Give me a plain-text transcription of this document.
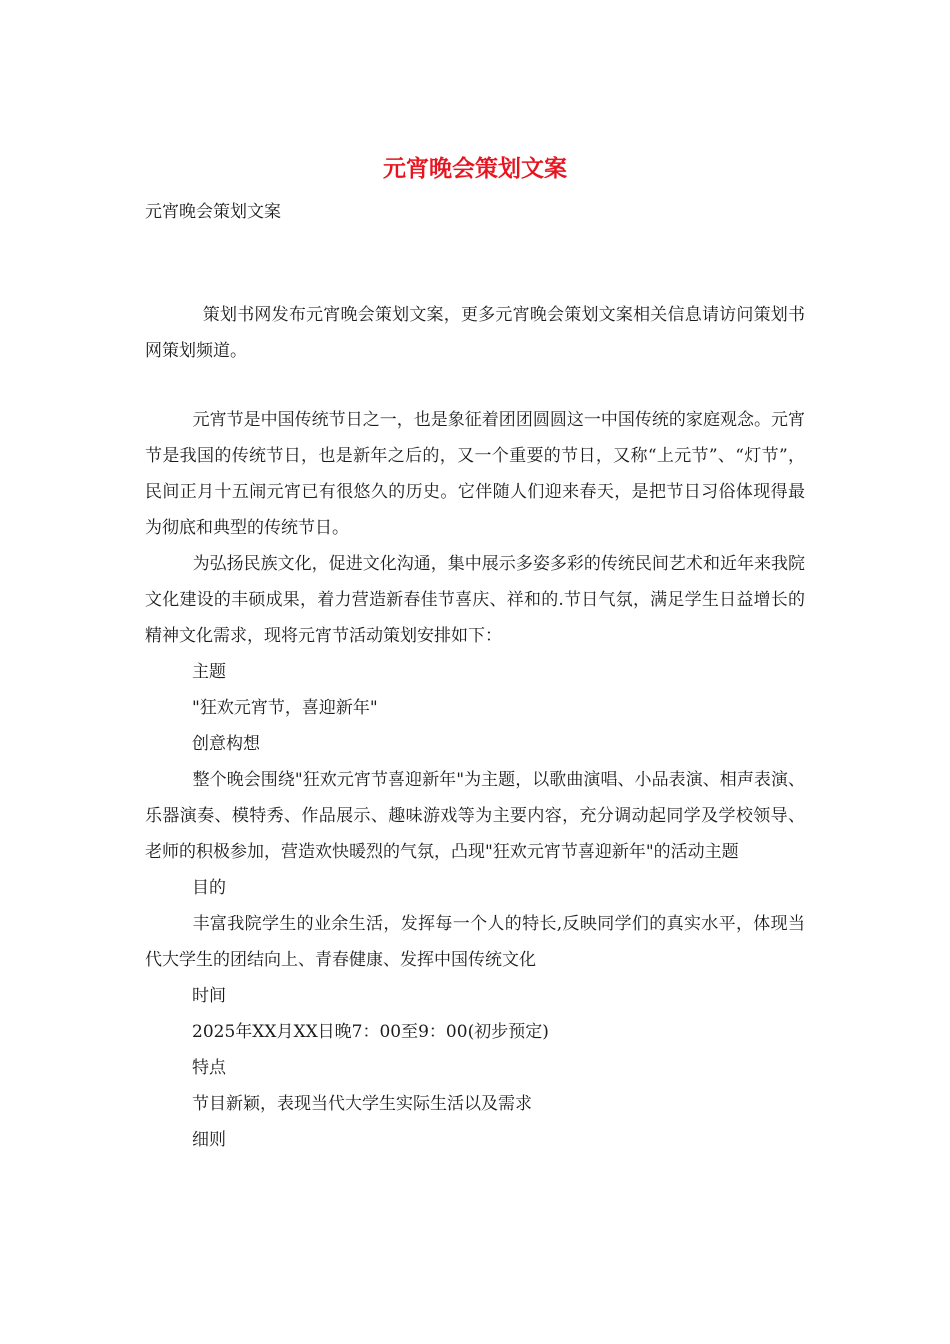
元宵晚会策划文案
元宵晚会策划文案

策划书网发布元宵晚会策划文案，更多元宵晚会策划文案相关信息请访问策划书网策划频道。

元宵节是中国传统节日之一，也是象征着团团圆圆这一中国传统的家庭观念。元宵节是我国的传统节日，也是新年之后的，又一个重要的节日，又称“上元节”、“灯节”，民间正月十五闹元宵已有很悠久的历史。它伴随人们迎来春天，是把节日习俗体现得最为彻底和典型的传统节日。

为弘扬民族文化，促进文化沟通，集中展示多姿多彩的传统民间艺术和近年来我院文化建设的丰硕成果，着力营造新春佳节喜庆、祥和的.节日气氛，满足学生日益增长的精神文化需求，现将元宵节活动策划安排如下：

主题

"狂欢元宵节，喜迎新年"

创意构想

整个晚会围绕"狂欢元宵节喜迎新年"为主题，以歌曲演唱、小品表演、相声表演、乐器演奏、模特秀、作品展示、趣味游戏等为主要内容，充分调动起同学及学校领导、老师的积极参加，营造欢快暖烈的气氛，凸现"狂欢元宵节喜迎新年"的活动主题

目的

丰富我院学生的业余生活，发挥每一个人的特长,反映同学们的真实水平，体现当代大学生的团结向上、青春健康、发挥中国传统文化

时间

2025年XX月XX日晚7：00至9：00(初步预定)

特点

节目新颖，表现当代大学生实际生活以及需求

细则
